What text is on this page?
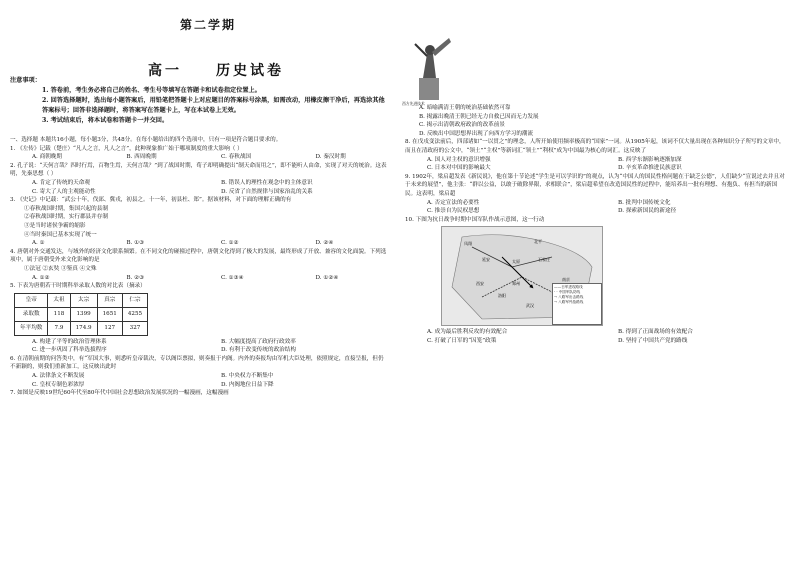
第二学期
高一 历史试卷
注意事项：
1. 答卷前，考生务必将自己的姓名、考生号等填写在答题卡和试卷指定位置上。
2. 回答选择题时，选出每小题答案后，用铅笔把答题卡上对应题目的答案标号涂黑，如需改动，用橡皮擦干净后，再选涂其他答案标号；回答非选择题时，将答案写在答题卡上，写在本试卷上无效。
3. 考试结束后，将本试卷和答题卡一并交回。

一、选择题 本题共16小题，每小题3分，共48分。在每小题给出的四个选项中，只有一项是符合题目要求的。

1. 《左传》记载（楚庄）“凡人之言，凡人之言”，此种现象推广始于哪项制度的重大影响（ ）

A. 商朝晚期	B. 西周晚期	C. 春秋战国	D. 秦汉时期

2. 孔子说：“天何言哉？四时行焉，百物生焉，天何言哉？”到了战国时期，荀子却明确提出“制天命而用之”，即不能听人由命，实现了对天的统治。这表明，先秦思想（ ）

A. 肯定了传统的天命观	B. 错误人的理性在观念中的主体意识
C. 寄大了人的主观能动性	D. 反省了自然规律与国家治乱的关系

3. 《史记》中记载：“武公十年，伐邽、冀戎，初县之。十一年，初县杜、郑”。据该材料，对下面的理解正确的有

①春秋战国时期，集国兴起的县制
②春秋战国时期，实行郡县并存制
③是当时诸侯争霸的缩影
④当时秦国已基本实现了统一
A. ①	B. ①③	C. ①②	D. ②④

4. 唐朝对外交通发达，与域外的经济文化联系频繁。在不同文化的碰撞过程中，唐朝文化得到了极大的发展，最终形成了开放、兼容的文化面貌。下列选项中，属于唐朝受外来文化影响的是

①法冠 ②玄奘 ③鉴真 ④文殊
A. ①②	B. ②③	C. ①③④	D. ①②④

5. 下表为唐朝若干时期科举录取人数的对比表（摘录）

皇帝	太祖	太宗	真宗	仁宗
录取数	118	1399	1651	4255
年平均数	7.9	174.9	127	327
A. 构建了平等的政治管理体系	B. 大幅度提高了政府行政效率
C. 进一步巩固了科举选拔程序	D. 有利于改变传统的政治结构

6. 在清朝前期的问答类中，有“军国大事，则悉听皇帝裁决，专以阁臣票拟，则奏报于内阁。内外的奏报均由军机大臣处理，依照规定，直接呈报，但仍不新颖的，则我们重新加工，这反映出此时

A. 法律条文不断发展	B. 中央权力不断集中
C. 皇权专制色彩浓厚	D. 内阁地位日益下降

7. 如图是反映19世纪60年代至80年代中国社会思想政治发展状况的一幅漫画，这幅漫画

西方先进技术
A. 暗喻满清王朝的统治基础依然可靠
B. 揭露出晚清王朝已经无力自救已因而无力发展
C. 揭示出清朝政府政治的改革前景
D. 反映出中国思想界出现了向西方学习的潮流

8. 在戊戌变法前后，四部诸如“一以贯之”的理念，人所开始使用频率极高的“国家”一词。从1905年起，该词不仅大量出现在各种知识分子所写的文章中，而且在清政府的公文中，“领土”“主权”等新词汇“领土”“利权”成为中国最为核心的词汇。这反映了

A. 国人对主权的意识增强	B. 西学东渐影响逐渐加深
C. 日本对中国的影响最大	D. 辛亥革命推进民族意识

9. 1902年，梁启超发表《新民说》，他在第十节论述“学生是可以学识的”的观点，认为“中国人的国民性格问题在于缺乏公德”，人们缺少“宣说过去并且对于未来的展望”，他主张：“群以公益，以敢于破除界限，求相联合”，梁启超希望在改造国民性的过程中，能培养出一批有理想、有抱负、有担当的新国民。这表明，梁启超

A. 否定宣法的必要性	B. 批判中国传统文化
C. 推崇自为民权思想	D. 探索新国民的新途径

10. 下图为抗日战争时期中国军队作战示意图，这一行动

凤翔	北平
延安	太原	石家庄
西安	郑州
南京
洛阳
武汉
——日军进攻路线
- - 中国军队防线
→ 八路军出击路线
→ 八路军歼敌路线
A. 成为最后胜利反攻的有效配合	B. 得到了正面战场的有效配合
C. 打破了日军的“囚笼”政策	D. 坚持了中国共产党的路线
